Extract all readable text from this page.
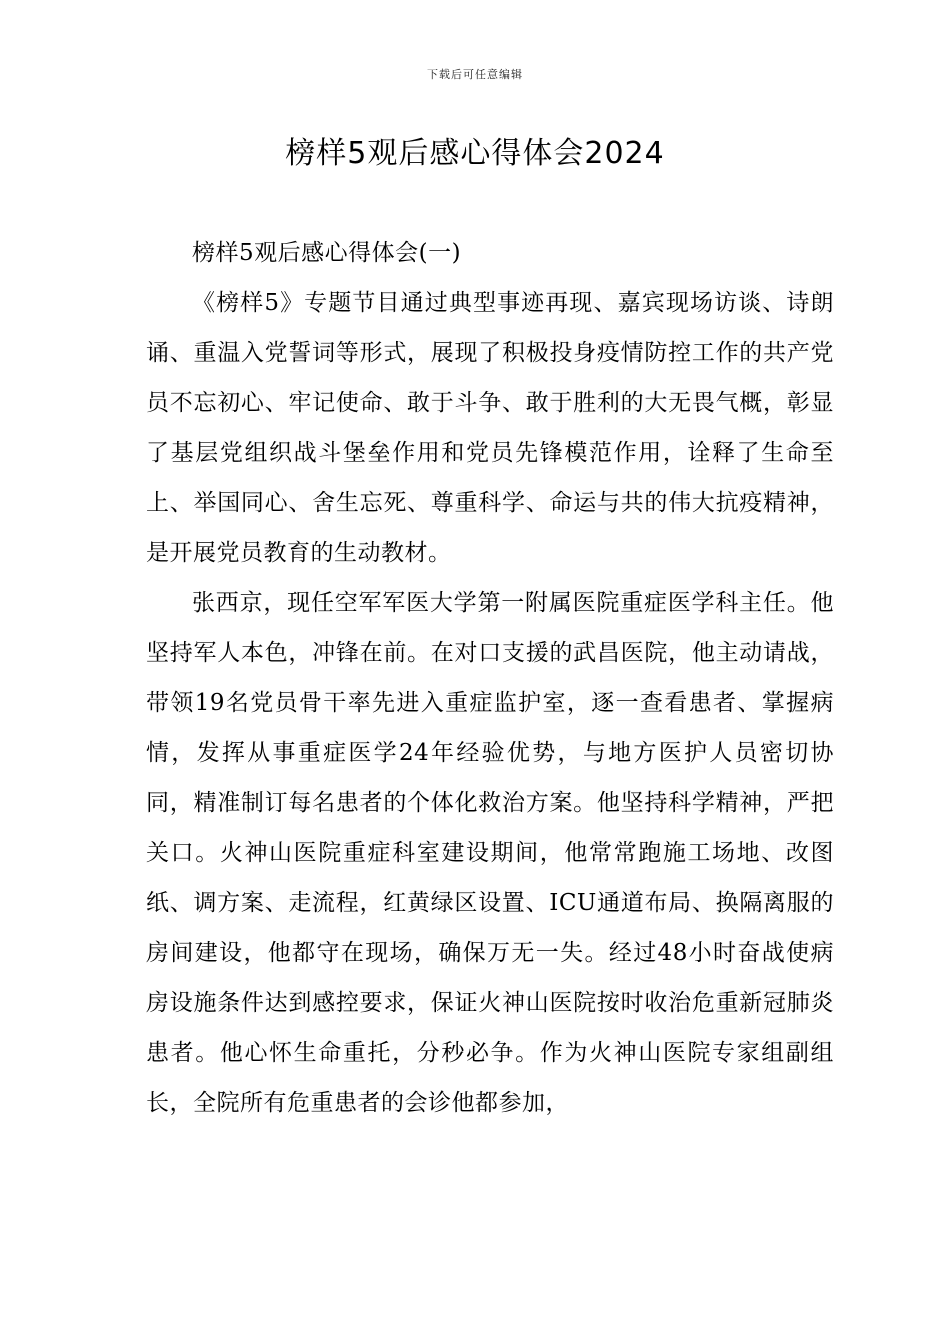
下载后可任意编辑
榜样5观后感心得体会2024

榜样5观后感心得体会(一)

《榜样5》专题节目通过典型事迹再现、嘉宾现场访谈、诗朗诵、重温入党誓词等形式，展现了积极投身疫情防控工作的共产党员不忘初心、牢记使命、敢于斗争、敢于胜利的大无畏气概，彰显了基层党组织战斗堡垒作用和党员先锋模范作用，诠释了生命至上、举国同心、舍生忘死、尊重科学、命运与共的伟大抗疫精神，是开展党员教育的生动教材。

张西京，现任空军军医大学第一附属医院重症医学科主任。他坚持军人本色，冲锋在前。在对口支援的武昌医院，他主动请战，带领19名党员骨干率先进入重症监护室，逐一查看患者、掌握病情，发挥从事重症医学24年经验优势，与地方医护人员密切协同，精准制订每名患者的个体化救治方案。他坚持科学精神，严把关口。火神山医院重症科室建设期间，他常常跑施工场地、改图纸、调方案、走流程，红黄绿区设置、ICU通道布局、换隔离服的房间建设，他都守在现场，确保万无一失。经过48小时奋战使病房设施条件达到感控要求，保证火神山医院按时收治危重新冠肺炎患者。他心怀生命重托，分秒必争。作为火神山医院专家组副组长，全院所有危重患者的会诊他都参加，
